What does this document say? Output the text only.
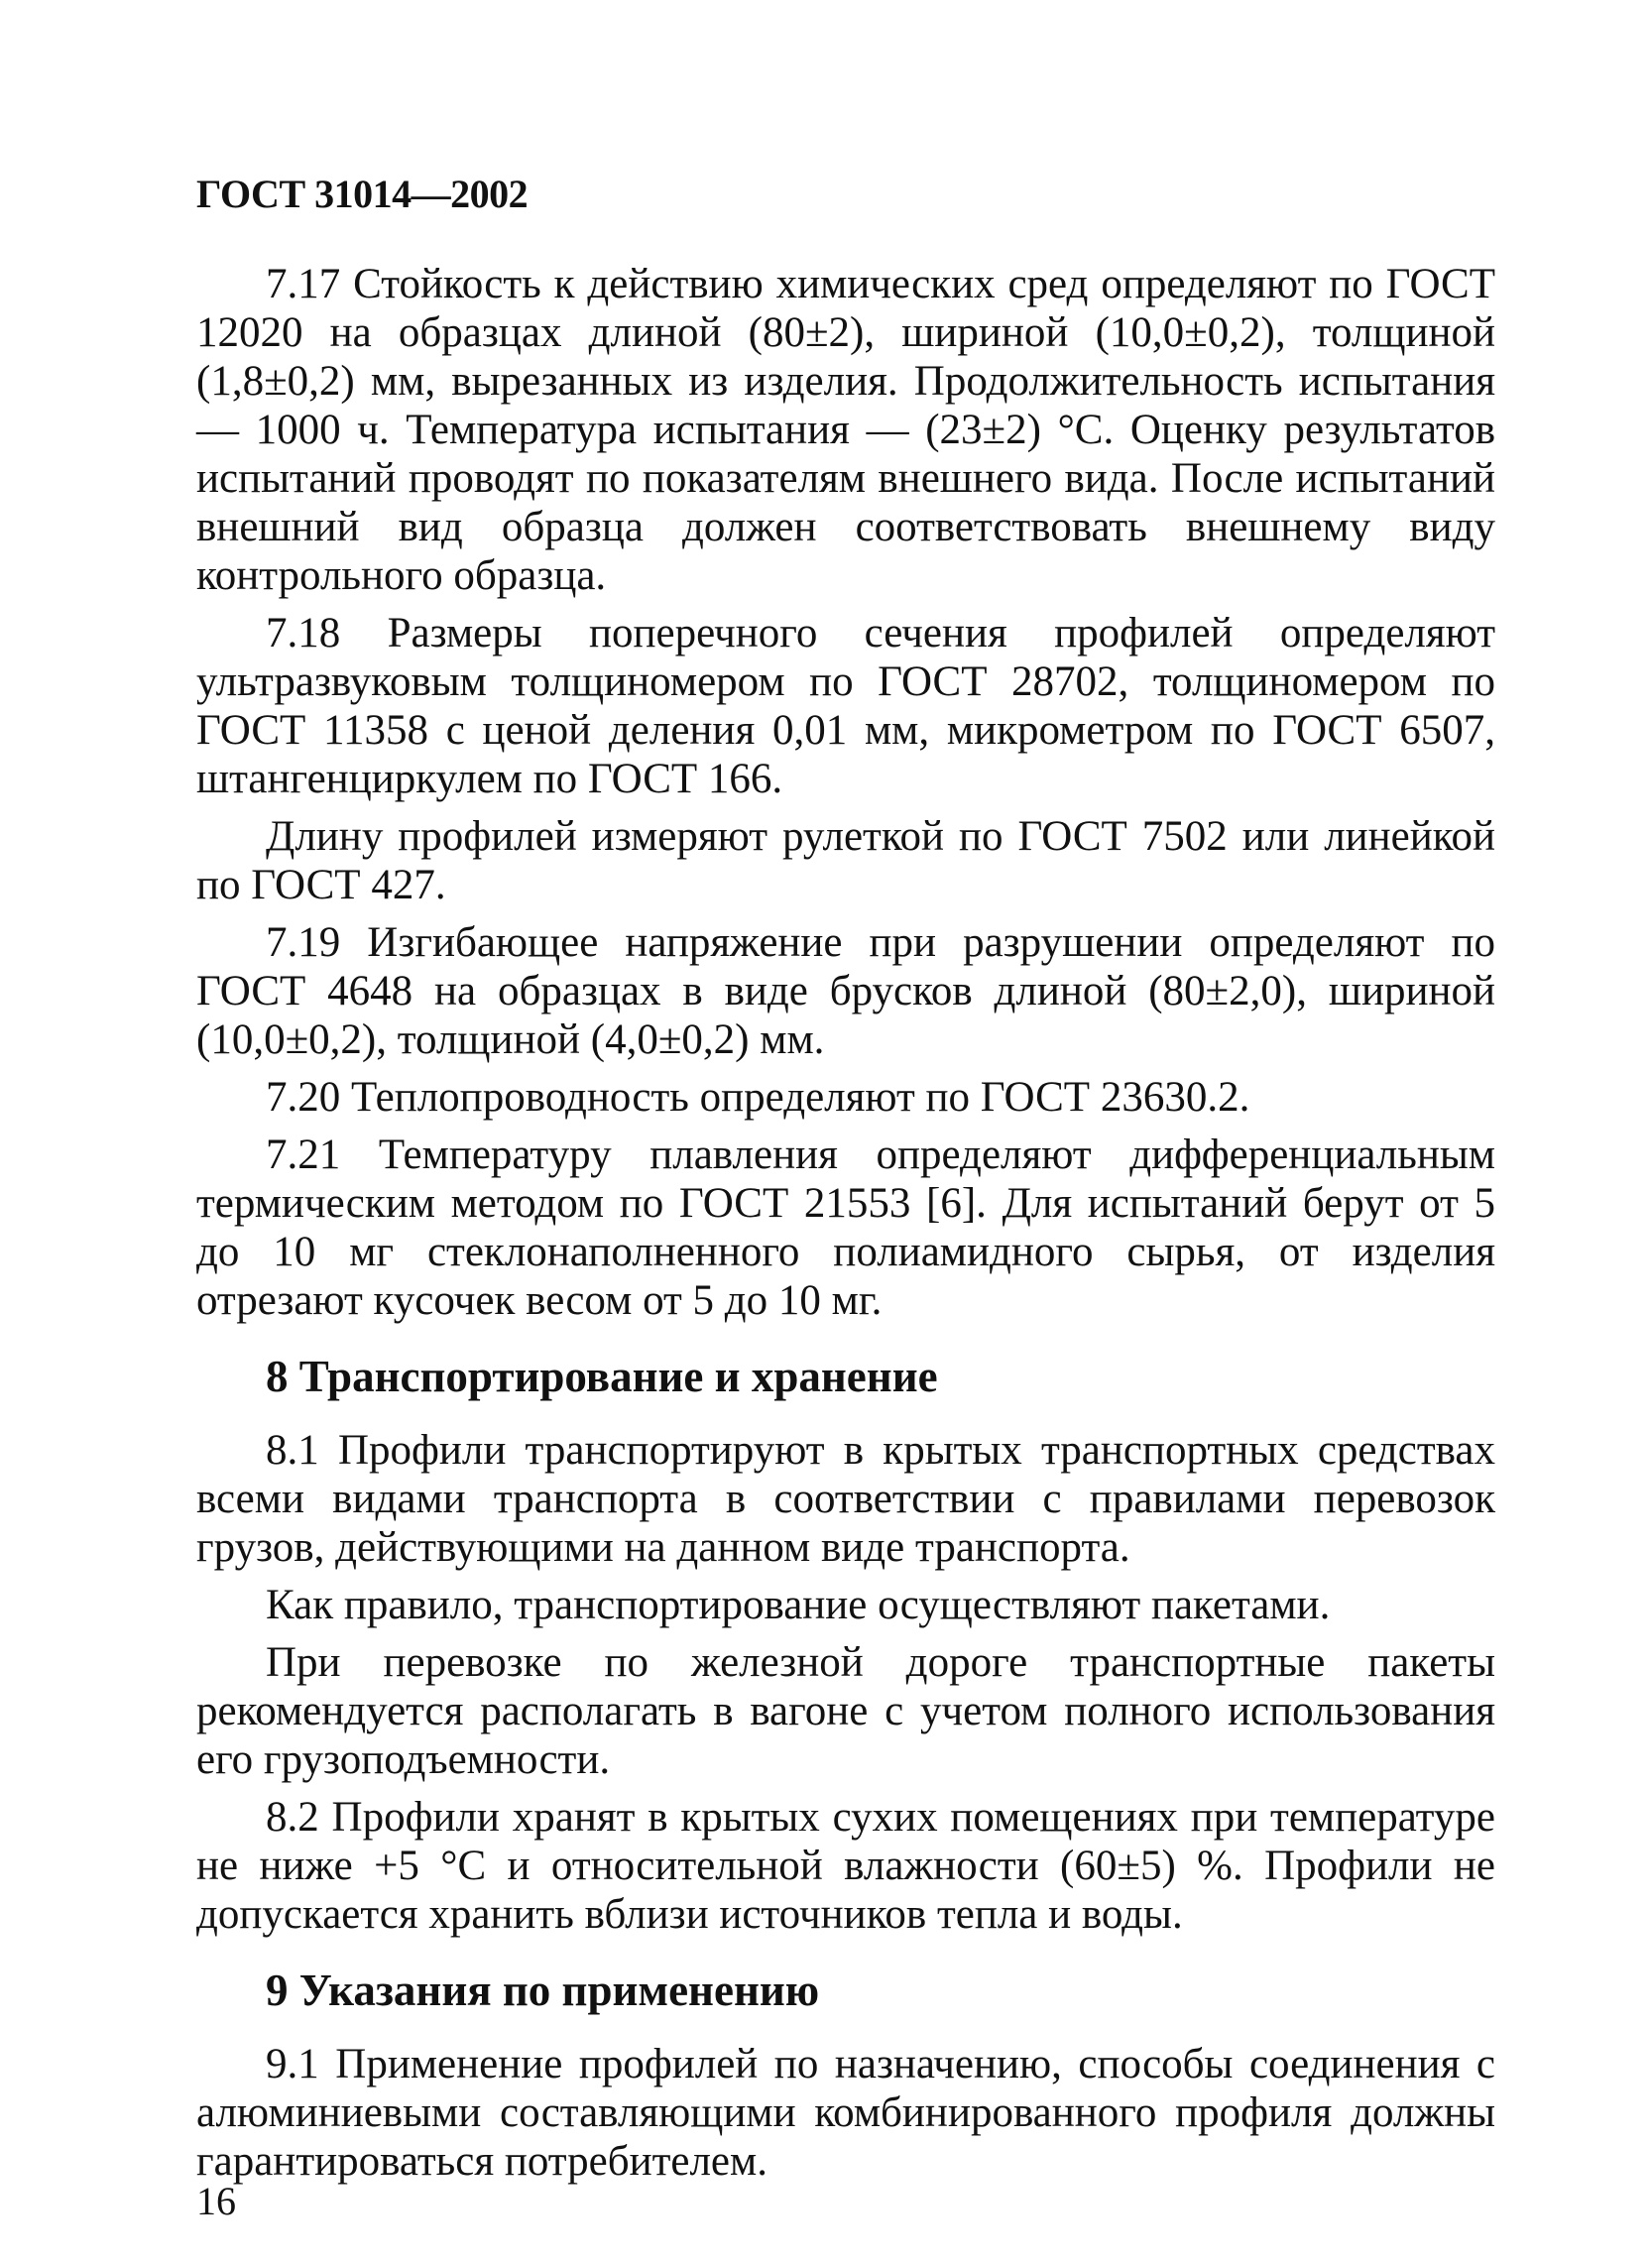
ГОСТ 31014—2002

7.17 Стойкость к действию химических сред определяют по ГОСТ 12020 на образцах длиной (80±2), шириной (10,0±0,2), толщиной (1,8±0,2) мм, вырезанных из изделия. Продолжительность испытания — 1000 ч. Температура испытания — (23±2) °С. Оценку результатов испытаний проводят по показателям внешнего вида. После испытаний внешний вид образца должен соответствовать внешнему виду контрольного образца.

7.18 Размеры поперечного сечения профилей определяют ультразвуковым толщиномером по ГОСТ 28702, толщиномером по ГОСТ 11358 с ценой деления 0,01 мм, микрометром по ГОСТ 6507, штангенциркулем по ГОСТ 166.

Длину профилей измеряют рулеткой по ГОСТ 7502 или линейкой по ГОСТ 427.

7.19 Изгибающее напряжение при разрушении определяют по ГОСТ 4648 на образцах в виде брусков длиной (80±2,0), шириной (10,0±0,2), толщиной (4,0±0,2) мм.

7.20 Теплопроводность определяют по ГОСТ 23630.2.

7.21 Температуру плавления определяют дифференциальным термическим методом по ГОСТ 21553 [6]. Для испытаний берут от 5 до 10 мг стеклонаполненного полиамидного сырья, от изделия отрезают кусочек весом от 5 до 10 мг.

8 Транспортирование и хранение

8.1 Профили транспортируют в крытых транспортных средствах всеми видами транспорта в соответствии с правилами перевозок грузов, действующими на данном виде транспорта.

Как правило, транспортирование осуществляют пакетами.

При перевозке по железной дороге транспортные пакеты рекомендуется располагать в вагоне с учетом полного использования его грузоподъемности.

8.2 Профили хранят в крытых сухих помещениях при температуре не ниже +5 °С и относительной влажности (60±5) %. Профили не допускается хранить вблизи источников тепла и воды.

9 Указания по применению

9.1 Применение профилей по назначению, способы соединения с алюминиевыми составляющими комбинированного профиля должны гарантироваться потребителем.

16
